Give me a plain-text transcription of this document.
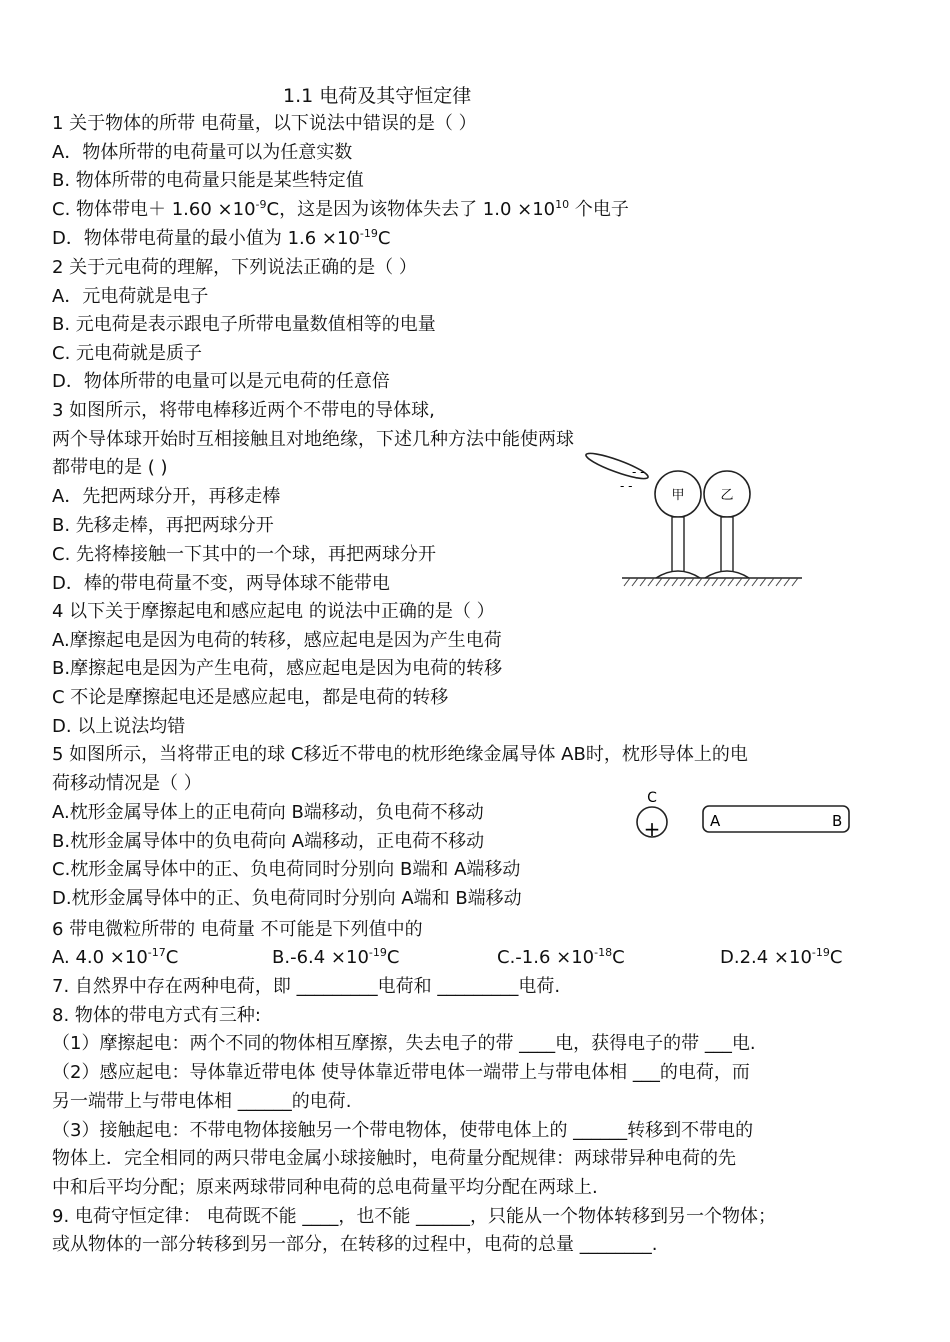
1.1 电荷及其守恒定律
1 关于物体的所带 电荷量，以下说法中错误的是（ ）
A．物体所带的电荷量可以为任意实数
B. 物体所带的电荷量只能是某些特定值
C. 物体带电＋ $1.60 \times 10^{-9}C$，这是因为该物体失去了 $1.0 \times 10^{10}$ 个电子
D．物体带电荷量的最小值为 $1.6 \times 10^{-19}C$
2 关于元电荷的理解，下列说法正确的是（ ）
A．元电荷就是电子
B. 元电荷是表示跟电子所带电量数值相等的电量
C. 元电荷就是质子
D．物体所带的电量可以是元电荷的任意倍
3 如图所示，将带电棒移近两个不带电的导体球,
两个导体球开始时互相接触且对地绝缘，下述几种方法中能使两球
都带电的是 ( )
A．先把两球分开，再移走棒
B. 先移走棒，再把两球分开
C. 先将棒接触一下其中的一个球，再把两球分开
D．棒的带电荷量不变，两导体球不能带电
- -
- -
甲	乙
4 以下关于摩擦起电和感应起电 的说法中正确的是（ ）
A.摩擦起电是因为电荷的转移，感应起电是因为产生电荷
B.摩擦起电是因为产生电荷，感应起电是因为电荷的转移
C 不论是摩擦起电还是感应起电，都是电荷的转移
D. 以上说法均错
5 如图所示，当将带正电的球 C移近不带电的枕形绝缘金属导体 AB时，枕形导体上的电
荷移动情况是（ ）
A.枕形金属导体上的正电荷向 B端移动，负电荷不移动
B.枕形金属导体中的负电荷向 A端移动，正电荷不移动
C.枕形金属导体中的正、负电荷同时分别向 B端和 A端移动
D.枕形金属导体中的正、负电荷同时分别向 A端和 B端移动
C
+	A	B
6 带电微粒所带的 电荷量 不可能是下列值中的
A. $4.0 \times 10^{-17}C$	$B.-6.4 \times 10^{-19}C$	$C.-1.6 \times 10^{-18}C$	$D.2.4 \times 10^{-19}C$
7. 自然界中存在两种电荷，即 _________电荷和 _________电荷.
8. 物体的带电方式有三种:
（1）摩擦起电：两个不同的物体相互摩擦，失去电子的带 ____电，获得电子的带 ___电.
（2）感应起电：导体靠近带电体 使导体靠近带电体一端带上与带电体相 ___的电荷，而
另一端带上与带电体相 ______的电荷.
（3）接触起电：不带电物体接触另一个带电物体，使带电体上的 ______转移到不带电的
物体上．完全相同的两只带电金属小球接触时，电荷量分配规律：两球带异种电荷的先
中和后平均分配；原来两球带同种电荷的总电荷量平均分配在两球上.
9. 电荷守恒定律： 电荷既不能 ____，也不能 ______，只能从一个物体转移到另一个物体；
或从物体的一部分转移到另一部分，在转移的过程中，电荷的总量 ________.
